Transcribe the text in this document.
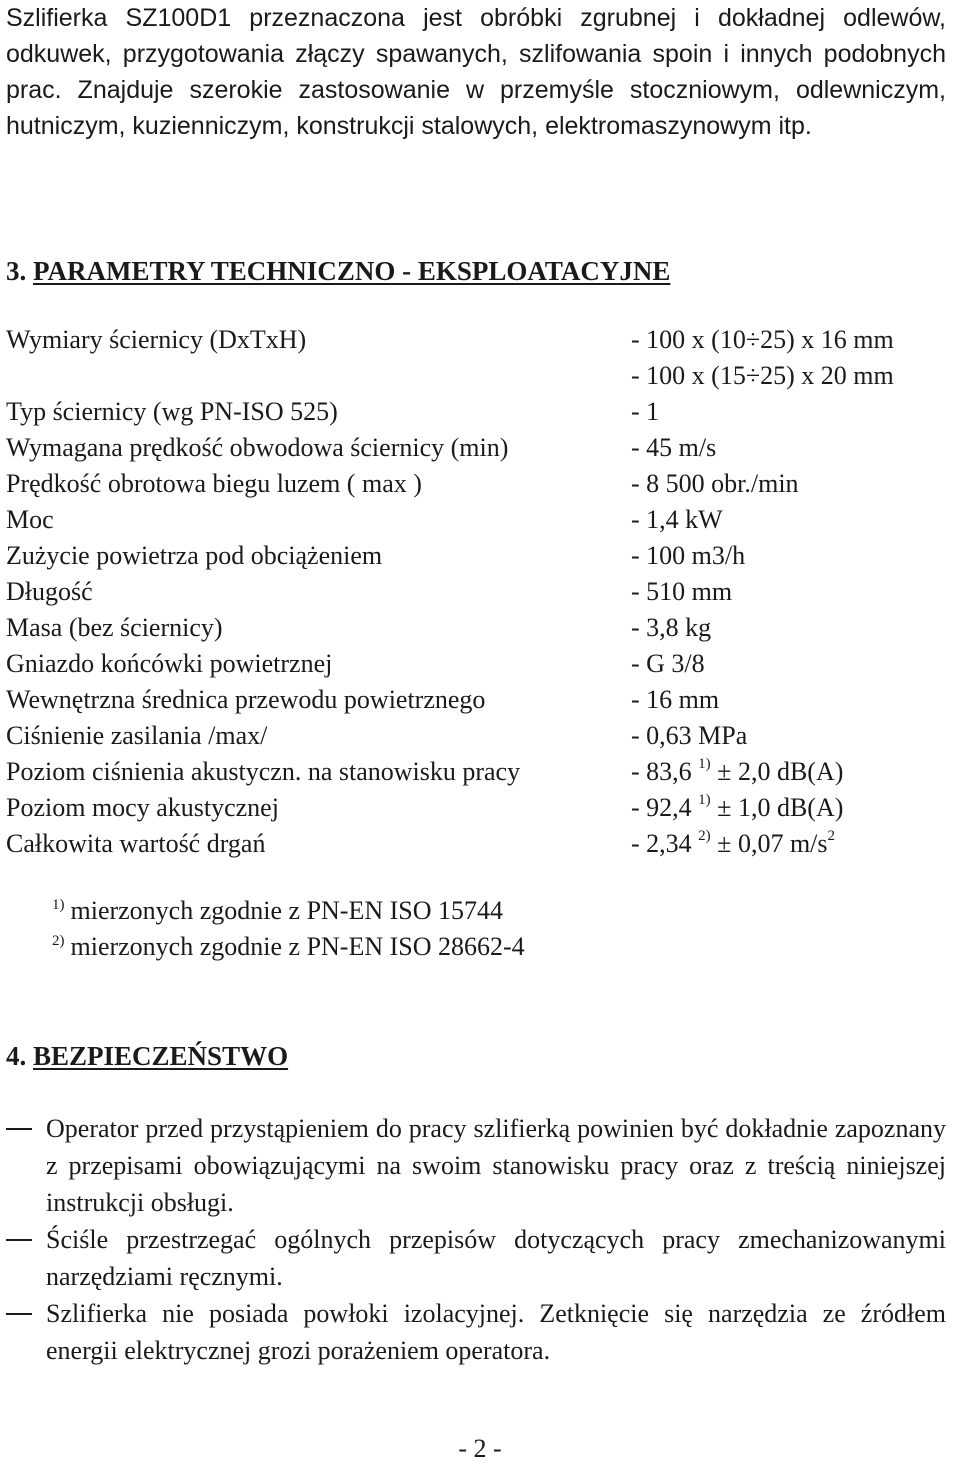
Szlifierka SZ100D1 przeznaczona jest obróbki zgrubnej i dokładnej odlewów, odkuwek, przygotowania złączy spawanych, szlifowania spoin i innych podobnych prac. Znajduje szerokie zastosowanie w przemyśle stoczniowym, odlewniczym, hutniczym, kuzienniczym, konstrukcji stalowych, elektromaszynowym itp.

3. PARAMETRY TECHNICZNO - EKSPLOATACYJNE
Wymiary ściernicy (DxTxH)	- 100 x (10÷25) x 16 mm
- 100 x (15÷25) x 20 mm
Typ ściernicy (wg PN-ISO 525)	- 1
Wymagana prędkość obwodowa ściernicy (min)	- 45 m/s
Prędkość obrotowa biegu luzem ( max )	- 8 500 obr./min
Moc	- 1,4 kW
Zużycie powietrza pod obciążeniem	- 100 m3/h
Długość	- 510 mm
Masa (bez ściernicy)	- 3,8 kg
Gniazdo końcówki powietrznej	- G 3/8
Wewnętrzna średnica przewodu powietrznego	- 16 mm
Ciśnienie zasilania /max/	- 0,63 MPa
Poziom ciśnienia akustyczn. na stanowisku pracy	- 83,6 $^{1)}$ ± 2,0 dB(A)
Poziom mocy akustycznej	- 92,4 $^{1)}$ ± 1,0 dB(A)
Całkowita wartość drgań	- 2,34 $^{2)}$ ± 0,07 $m/s^2$
$^{1)}$ mierzonych zgodnie z PN-EN ISO 15744
$^{2)}$ mierzonych zgodnie z PN-EN ISO 28662-4
4. BEZPIECZEŃSTWO
Operator przed przystąpieniem do pracy szlifierką powinien być dokładnie zapoznany z przepisami obowiązującymi na swoim stanowisku pracy oraz z treścią niniejszej instrukcji obsługi.
Ściśle przestrzegać ogólnych przepisów dotyczących pracy zmechanizowanymi narzędziami ręcznymi.
Szlifierka nie posiada powłoki izolacyjnej. Zetknięcie się narzędzia ze źródłem energii elektrycznej grozi porażeniem operatora.
- 2 -
